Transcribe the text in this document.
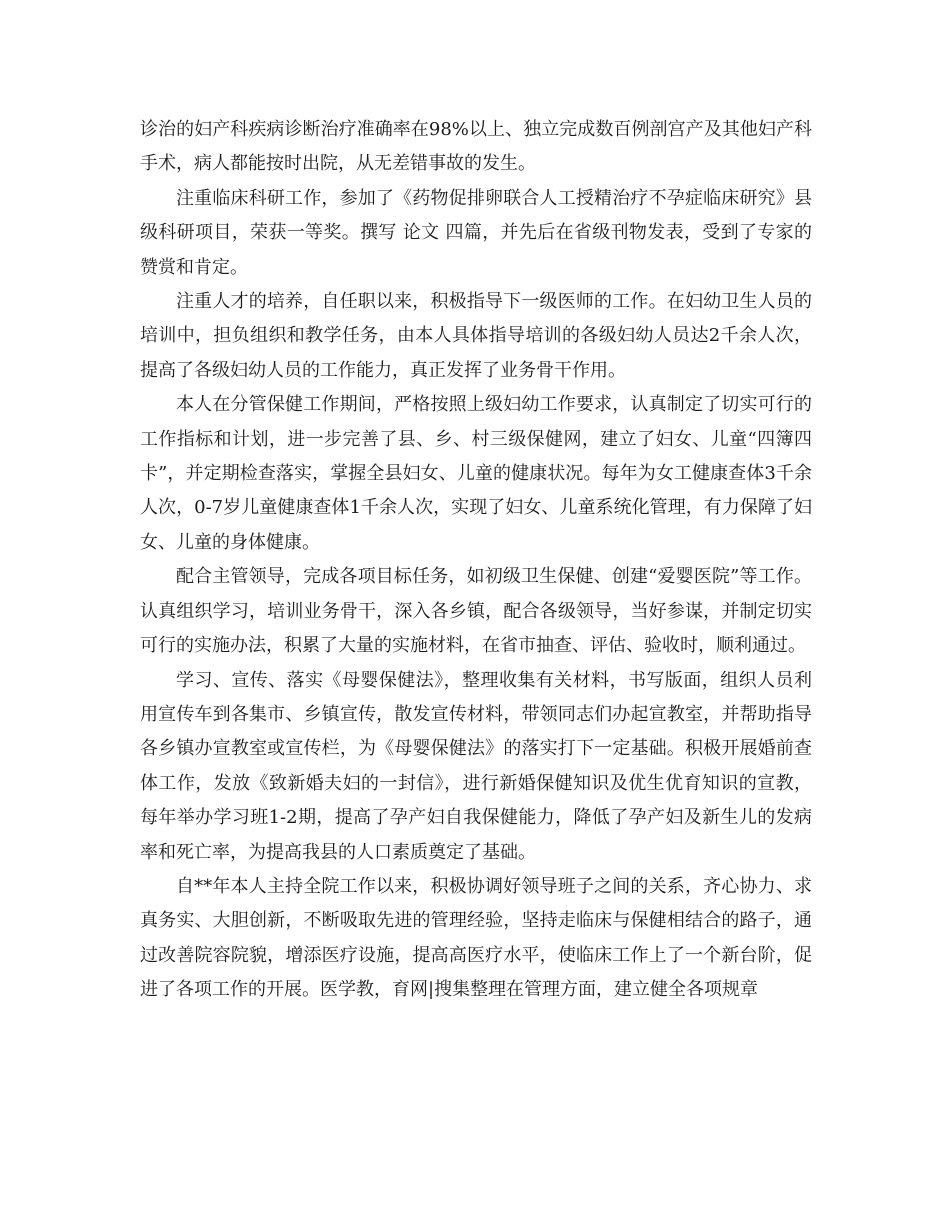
诊治的妇产科疾病诊断治疗准确率在98%以上、独立完成数百例剖宫产及其他妇产科手术，病人都能按时出院，从无差错事故的发生。

注重临床科研工作，参加了《药物促排卵联合人工授精治疗不孕症临床研究》县级科研项目，荣获一等奖。撰写 论文 四篇，并先后在省级刊物发表，受到了专家的赞赏和肯定。

注重人才的培养，自任职以来，积极指导下一级医师的工作。在妇幼卫生人员的培训中，担负组织和教学任务，由本人具体指导培训的各级妇幼人员达2千余人次，提高了各级妇幼人员的工作能力，真正发挥了业务骨干作用。

本人在分管保健工作期间，严格按照上级妇幼工作要求，认真制定了切实可行的工作指标和计划，进一步完善了县、乡、村三级保健网，建立了妇女、儿童“四簿四卡”，并定期检查落实，掌握全县妇女、儿童的健康状况。每年为女工健康查体3千余人次，0-7岁儿童健康查体1千余人次，实现了妇女、儿童系统化管理，有力保障了妇女、儿童的身体健康。

配合主管领导，完成各项目标任务，如初级卫生保健、创建“爱婴医院”等工作。认真组织学习，培训业务骨干，深入各乡镇，配合各级领导，当好参谋，并制定切实可行的实施办法，积累了大量的实施材料，在省市抽查、评估、验收时，顺利通过。

学习、宣传、落实《母婴保健法》，整理收集有关材料，书写版面，组织人员利用宣传车到各集市、乡镇宣传，散发宣传材料，带领同志们办起宣教室，并帮助指导各乡镇办宣教室或宣传栏，为《母婴保健法》的落实打下一定基础。积极开展婚前查体工作，发放《致新婚夫妇的一封信》，进行新婚保健知识及优生优育知识的宣教，每年举办学习班1-2期，提高了孕产妇自我保健能力，降低了孕产妇及新生儿的发病率和死亡率，为提高我县的人口素质奠定了基础。

自**年本人主持全院工作以来，积极协调好领导班子之间的关系，齐心协力、求真务实、大胆创新，不断吸取先进的管理经验，坚持走临床与保健相结合的路子，通过改善院容院貌，增添医疗设施，提高高医疗水平，使临床工作上了一个新台阶，促进了各项工作的开展。医学教，育网|搜集整理在管理方面，建立健全各项规章
